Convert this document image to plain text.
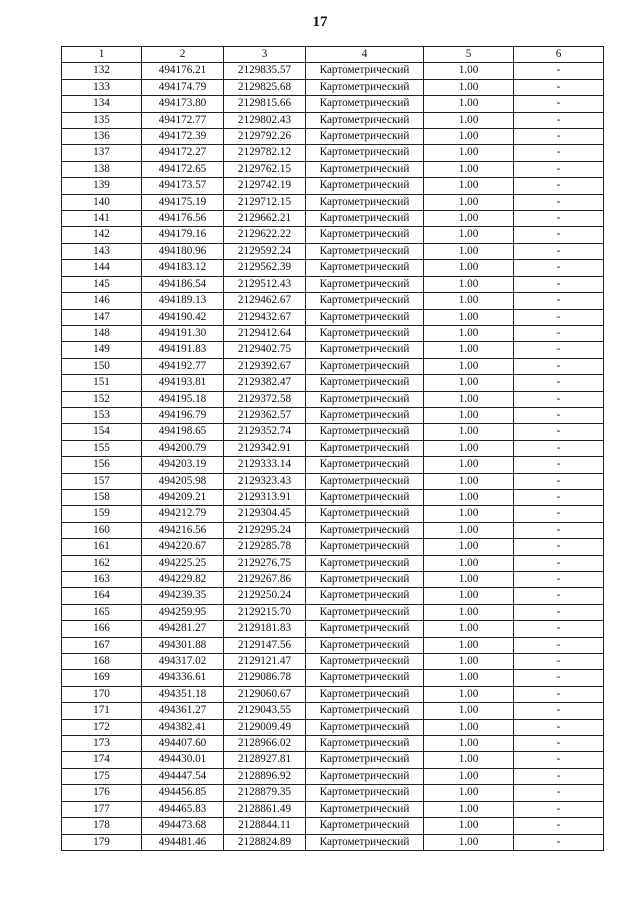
17
1	2	3	4	5	6
132	494176.21	2129835.57	Картометрический	1.00	-
133	494174.79	2129825.68	Картометрический	1.00	-
134	494173.80	2129815.66	Картометрический	1.00	-
135	494172.77	2129802.43	Картометрический	1.00	-
136	494172.39	2129792.26	Картометрический	1.00	-
137	494172.27	2129782.12	Картометрический	1.00	-
138	494172.65	2129762.15	Картометрический	1.00	-
139	494173.57	2129742.19	Картометрический	1.00	-
140	494175.19	2129712.15	Картометрический	1.00	-
141	494176.56	2129662.21	Картометрический	1.00	-
142	494179.16	2129622.22	Картометрический	1.00	-
143	494180.96	2129592.24	Картометрический	1.00	-
144	494183.12	2129562.39	Картометрический	1.00	-
145	494186.54	2129512.43	Картометрический	1.00	-
146	494189.13	2129462.67	Картометрический	1.00	-
147	494190.42	2129432.67	Картометрический	1.00	-
148	494191.30	2129412.64	Картометрический	1.00	-
149	494191.83	2129402.75	Картометрический	1.00	-
150	494192.77	2129392.67	Картометрический	1.00	-
151	494193.81	2129382.47	Картометрический	1.00	-
152	494195.18	2129372.58	Картометрический	1.00	-
153	494196.79	2129362.57	Картометрический	1.00	-
154	494198.65	2129352.74	Картометрический	1.00	-
155	494200.79	2129342.91	Картометрический	1.00	-
156	494203.19	2129333.14	Картометрический	1.00	-
157	494205.98	2129323.43	Картометрический	1.00	-
158	494209.21	2129313.91	Картометрический	1.00	-
159	494212.79	2129304.45	Картометрический	1.00	-
160	494216.56	2129295.24	Картометрический	1.00	-
161	494220.67	2129285.78	Картометрический	1.00	-
162	494225.25	2129276.75	Картометрический	1.00	-
163	494229.82	2129267.86	Картометрический	1.00	-
164	494239.35	2129250.24	Картометрический	1.00	-
165	494259.95	2129215.70	Картометрический	1.00	-
166	494281.27	2129181.83	Картометрический	1.00	-
167	494301.88	2129147.56	Картометрический	1.00	-
168	494317.02	2129121.47	Картометрический	1.00	-
169	494336.61	2129086.78	Картометрический	1.00	-
170	494351.18	2129060.67	Картометрический	1.00	-
171	494361.27	2129043.55	Картометрический	1.00	-
172	494382.41	2129009.49	Картометрический	1.00	-
173	494407.60	2128966.02	Картометрический	1.00	-
174	494430.01	2128927.81	Картометрический	1.00	-
175	494447.54	2128896.92	Картометрический	1.00	-
176	494456.85	2128879.35	Картометрический	1.00	-
177	494465.83	2128861.49	Картометрический	1.00	-
178	494473.68	2128844.11	Картометрический	1.00	-
179	494481.46	2128824.89	Картометрический	1.00	-
